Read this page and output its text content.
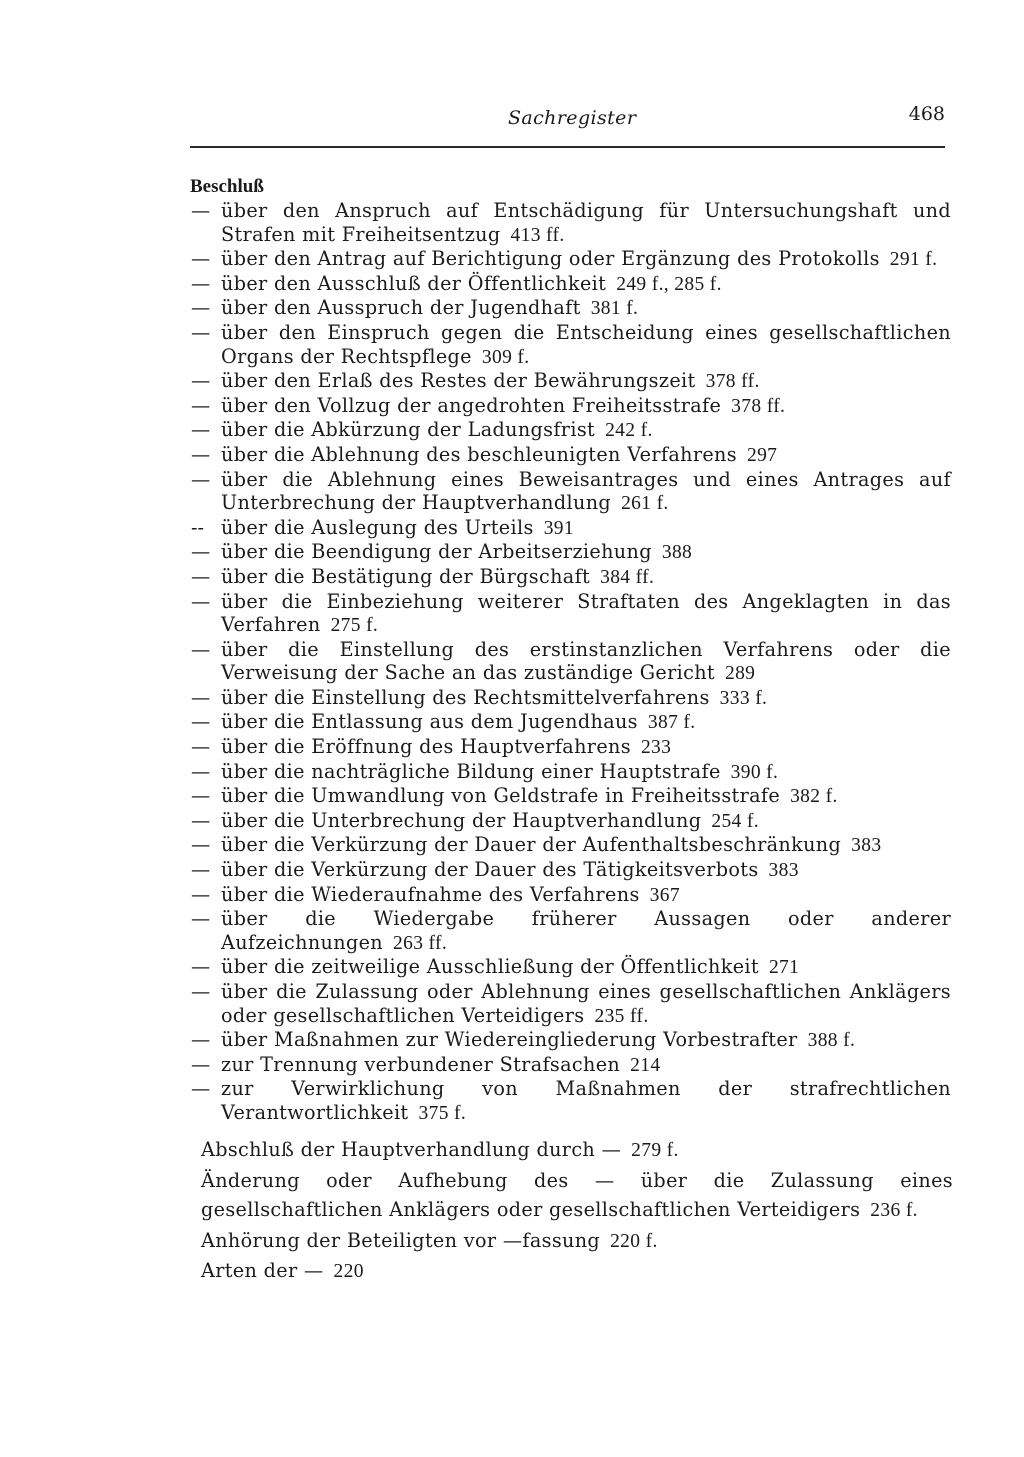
Sachregister	468
Beschluß
— über den Anspruch auf Entschädigung für Untersuchungshaft und Strafen mit Freiheitsentzug 413 ff.
— über den Antrag auf Berichtigung oder Ergänzung des Protokolls 291 f.
— über den Ausschluß der Öffentlichkeit 249 f., 285 f.
— über den Ausspruch der Jugendhaft 381 f.
— über den Einspruch gegen die Entscheidung eines gesellschaftlichen Organs der Rechtspflege 309 f.
— über den Erlaß des Restes der Bewährungszeit 378 ff.
— über den Vollzug der angedrohten Freiheitsstrafe 378 ff.
— über die Abkürzung der Ladungsfrist 242 f.
— über die Ablehnung des beschleunigten Verfahrens 297
— über die Ablehnung eines Beweisantrages und eines Antrages auf Unterbrechung der Hauptverhandlung 261 f.
-- über die Auslegung des Urteils 391
— über die Beendigung der Arbeitserziehung 388
— über die Bestätigung der Bürgschaft 384 ff.
— über die Einbeziehung weiterer Straftaten des Angeklagten in das Verfahren 275 f.
— über die Einstellung des erstinstanzlichen Verfahrens oder die Verweisung der Sache an das zuständige Gericht 289
— über die Einstellung des Rechtsmittelverfahrens 333 f.
— über die Entlassung aus dem Jugendhaus 387 f.
— über die Eröffnung des Hauptverfahrens 233
— über die nachträgliche Bildung einer Hauptstrafe 390 f.
— über die Umwandlung von Geldstrafe in Freiheitsstrafe 382 f.
— über die Unterbrechung der Hauptverhandlung 254 f.
— über die Verkürzung der Dauer der Aufenthaltsbeschränkung 383
— über die Verkürzung der Dauer des Tätigkeitsverbots 383
— über die Wiederaufnahme des Verfahrens 367
— über die Wiedergabe früherer Aussagen oder anderer Aufzeichnungen 263 ff.
— über die zeitweilige Ausschließung der Öffentlichkeit 271
— über die Zulassung oder Ablehnung eines gesellschaftlichen Anklägers oder gesellschaftlichen Verteidigers 235 ff.
— über Maßnahmen zur Wiedereingliederung Vorbestrafter 388 f.
— zur Trennung verbundener Strafsachen 214
— zur Verwirklichung von Maßnahmen der strafrechtlichen Verantwortlichkeit 375 f.
Abschluß der Hauptverhandlung durch — 279 f.
Änderung oder Aufhebung des — über die Zulassung eines gesellschaftlichen Anklägers oder gesellschaftlichen Verteidigers 236 f.
Anhörung der Beteiligten vor —fassung 220 f.
Arten der — 220
